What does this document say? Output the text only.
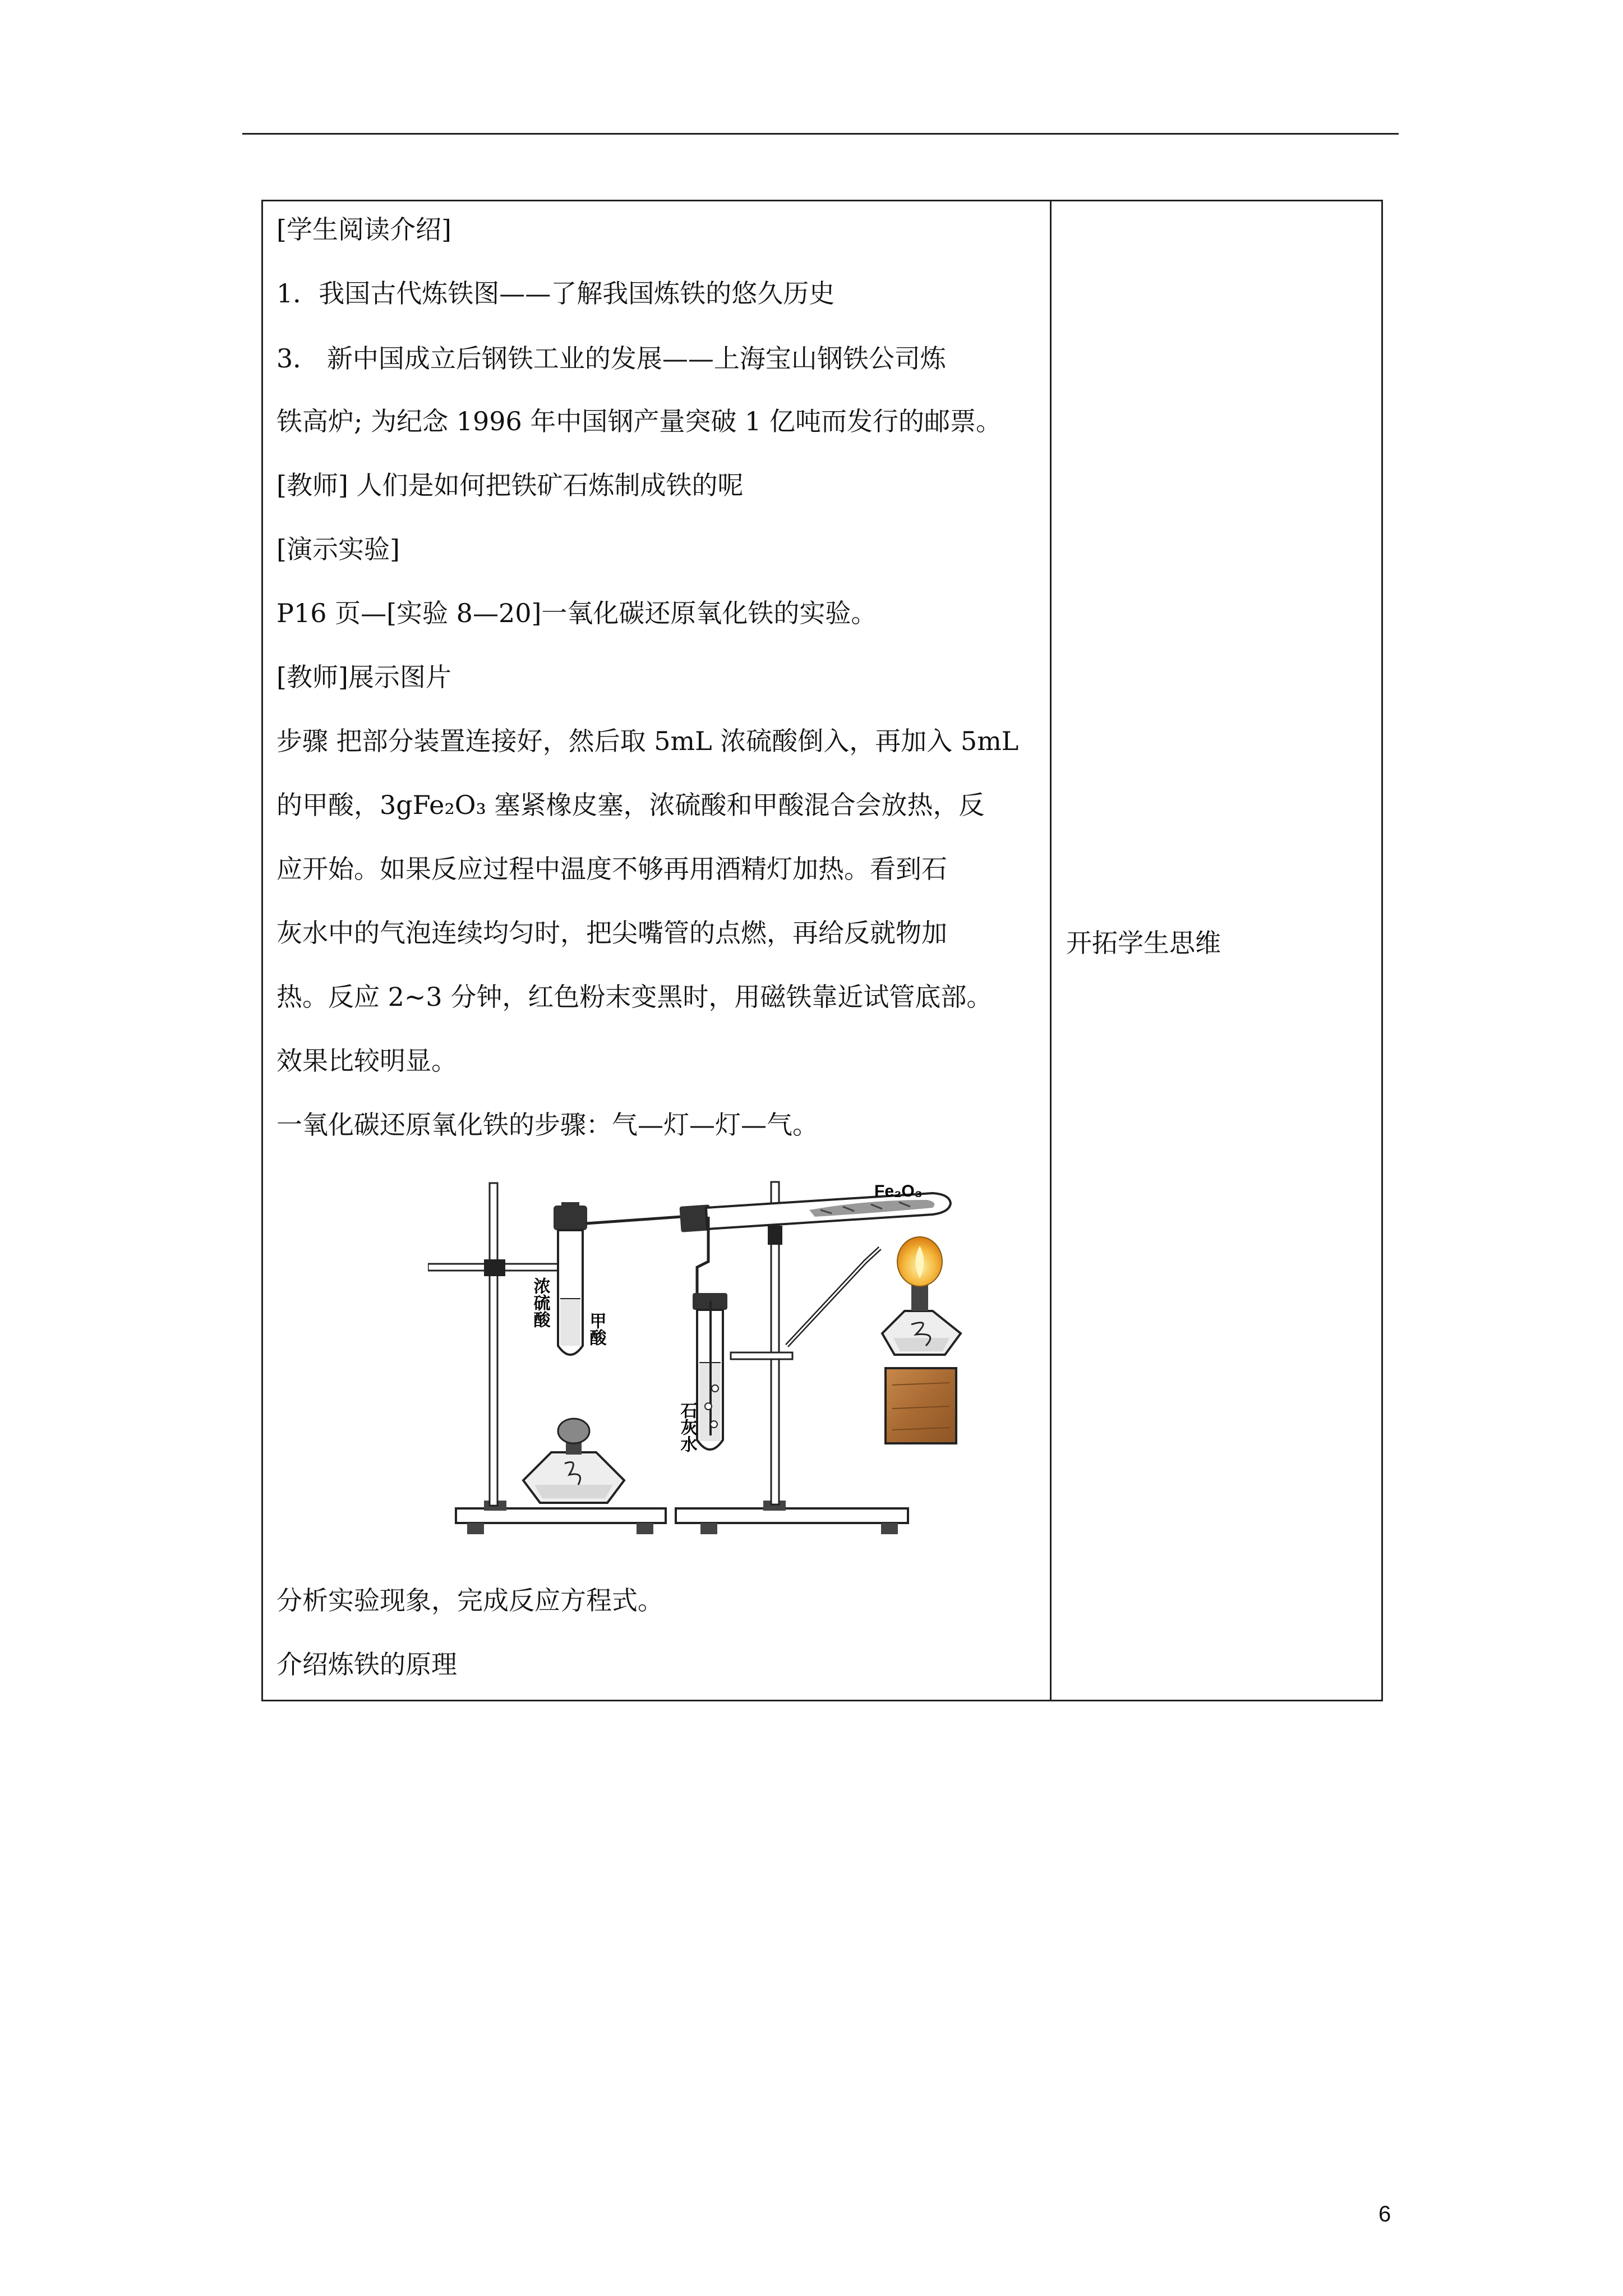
[学生阅读介绍]
1．我国古代炼铁图——了解我国炼铁的悠久历史
3． 新中国成立后钢铁工业的发展——上海宝山钢铁公司炼
铁高炉; 为纪念 1996 年中国钢产量突破 1 亿吨而发行的邮票。
[教师] 人们是如何把铁矿石炼制成铁的呢
[演示实验]
P16 页—[实验 8—20]一氧化碳还原氧化铁的实验。
[教师]展示图片
步骤 把部分装置连接好，然后取 5mL 浓硫酸倒入，再加入 5mL
的甲酸，3gFe₂O₃ 塞紧橡皮塞，浓硫酸和甲酸混合会放热，反
应开始。如果反应过程中温度不够再用酒精灯加热。看到石
灰水中的气泡连续均匀时，把尖嘴管的点燃，再给反就物加
热。反应 2~3 分钟，红色粉末变黑时，用磁铁靠近试管底部。
效果比较明显。
一氧化碳还原氧化铁的步骤：气—灯—灯—气。
浓硫酸
甲酸
石灰水
Fe₂O₃
分析实验现象，完成反应方程式。
介绍炼铁的原理
开拓学生思维
6
